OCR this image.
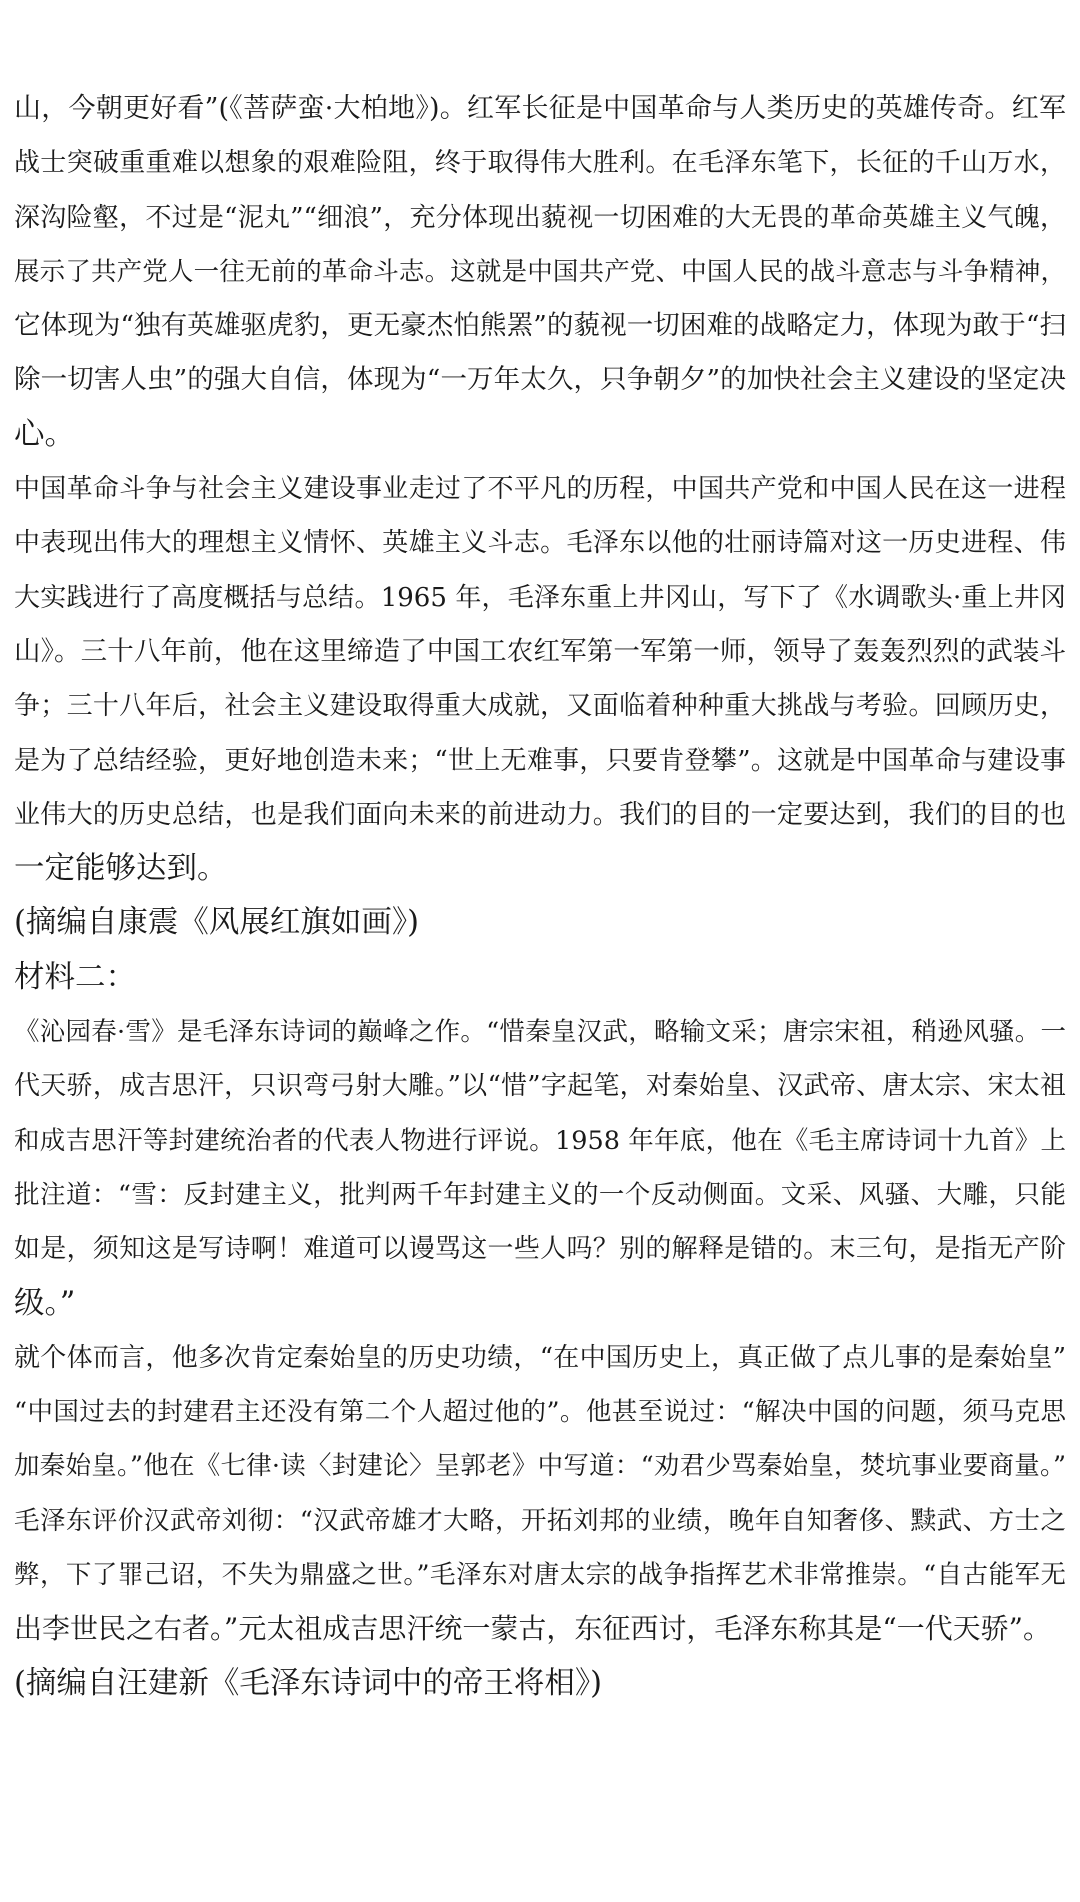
山，今朝更好看”(《菩萨蛮·大柏地》)。红军长征是中国革命与人类历史的英雄传奇。红军
战士突破重重难以想象的艰难险阻，终于取得伟大胜利。在毛泽东笔下，长征的千山万水，
深沟险壑，不过是“泥丸”“细浪”，充分体现出藐视一切困难的大无畏的革命英雄主义气魄，
展示了共产党人一往无前的革命斗志。这就是中国共产党、中国人民的战斗意志与斗争精神，
它体现为“独有英雄驱虎豹，更无豪杰怕熊罴”的藐视一切困难的战略定力，体现为敢于“扫
除一切害人虫”的强大自信，体现为“一万年太久，只争朝夕”的加快社会主义建设的坚定决
心。
中国革命斗争与社会主义建设事业走过了不平凡的历程，中国共产党和中国人民在这一进程
中表现出伟大的理想主义情怀、英雄主义斗志。毛泽东以他的壮丽诗篇对这一历史进程、伟
大实践进行了高度概括与总结。1965 年，毛泽东重上井冈山，写下了《水调歌头·重上井冈
山》。三十八年前，他在这里缔造了中国工农红军第一军第一师，领导了轰轰烈烈的武装斗
争；三十八年后，社会主义建设取得重大成就，又面临着种种重大挑战与考验。回顾历史，
是为了总结经验，更好地创造未来；“世上无难事，只要肯登攀”。这就是中国革命与建设事
业伟大的历史总结，也是我们面向未来的前进动力。我们的目的一定要达到，我们的目的也
一定能够达到。
(摘编自康震《风展红旗如画》)
材料二：
《沁园春·雪》是毛泽东诗词的巅峰之作。“惜秦皇汉武，略输文采；唐宗宋祖，稍逊风骚。一
代天骄，成吉思汗，只识弯弓射大雕。”以“惜”字起笔，对秦始皇、汉武帝、唐太宗、宋太祖
和成吉思汗等封建统治者的代表人物进行评说。1958 年年底，他在《毛主席诗词十九首》上
批注道：“雪：反封建主义，批判两千年封建主义的一个反动侧面。文采、风骚、大雕，只能
如是，须知这是写诗啊！难道可以谩骂这一些人吗？别的解释是错的。末三句，是指无产阶
级。”
就个体而言，他多次肯定秦始皇的历史功绩，“在中国历史上，真正做了点儿事的是秦始皇”
“中国过去的封建君主还没有第二个人超过他的”。他甚至说过：“解决中国的问题，须马克思
加秦始皇。”他在《七律·读〈封建论〉呈郭老》中写道：“劝君少骂秦始皇，焚坑事业要商量。”
毛泽东评价汉武帝刘彻：“汉武帝雄才大略，开拓刘邦的业绩，晚年自知奢侈、黩武、方士之
弊，下了罪己诏，不失为鼎盛之世。”毛泽东对唐太宗的战争指挥艺术非常推崇。“自古能军无
出李世民之右者。”元太祖成吉思汗统一蒙古，东征西讨，毛泽东称其是“一代天骄”。
(摘编自汪建新《毛泽东诗词中的帝王将相》)
